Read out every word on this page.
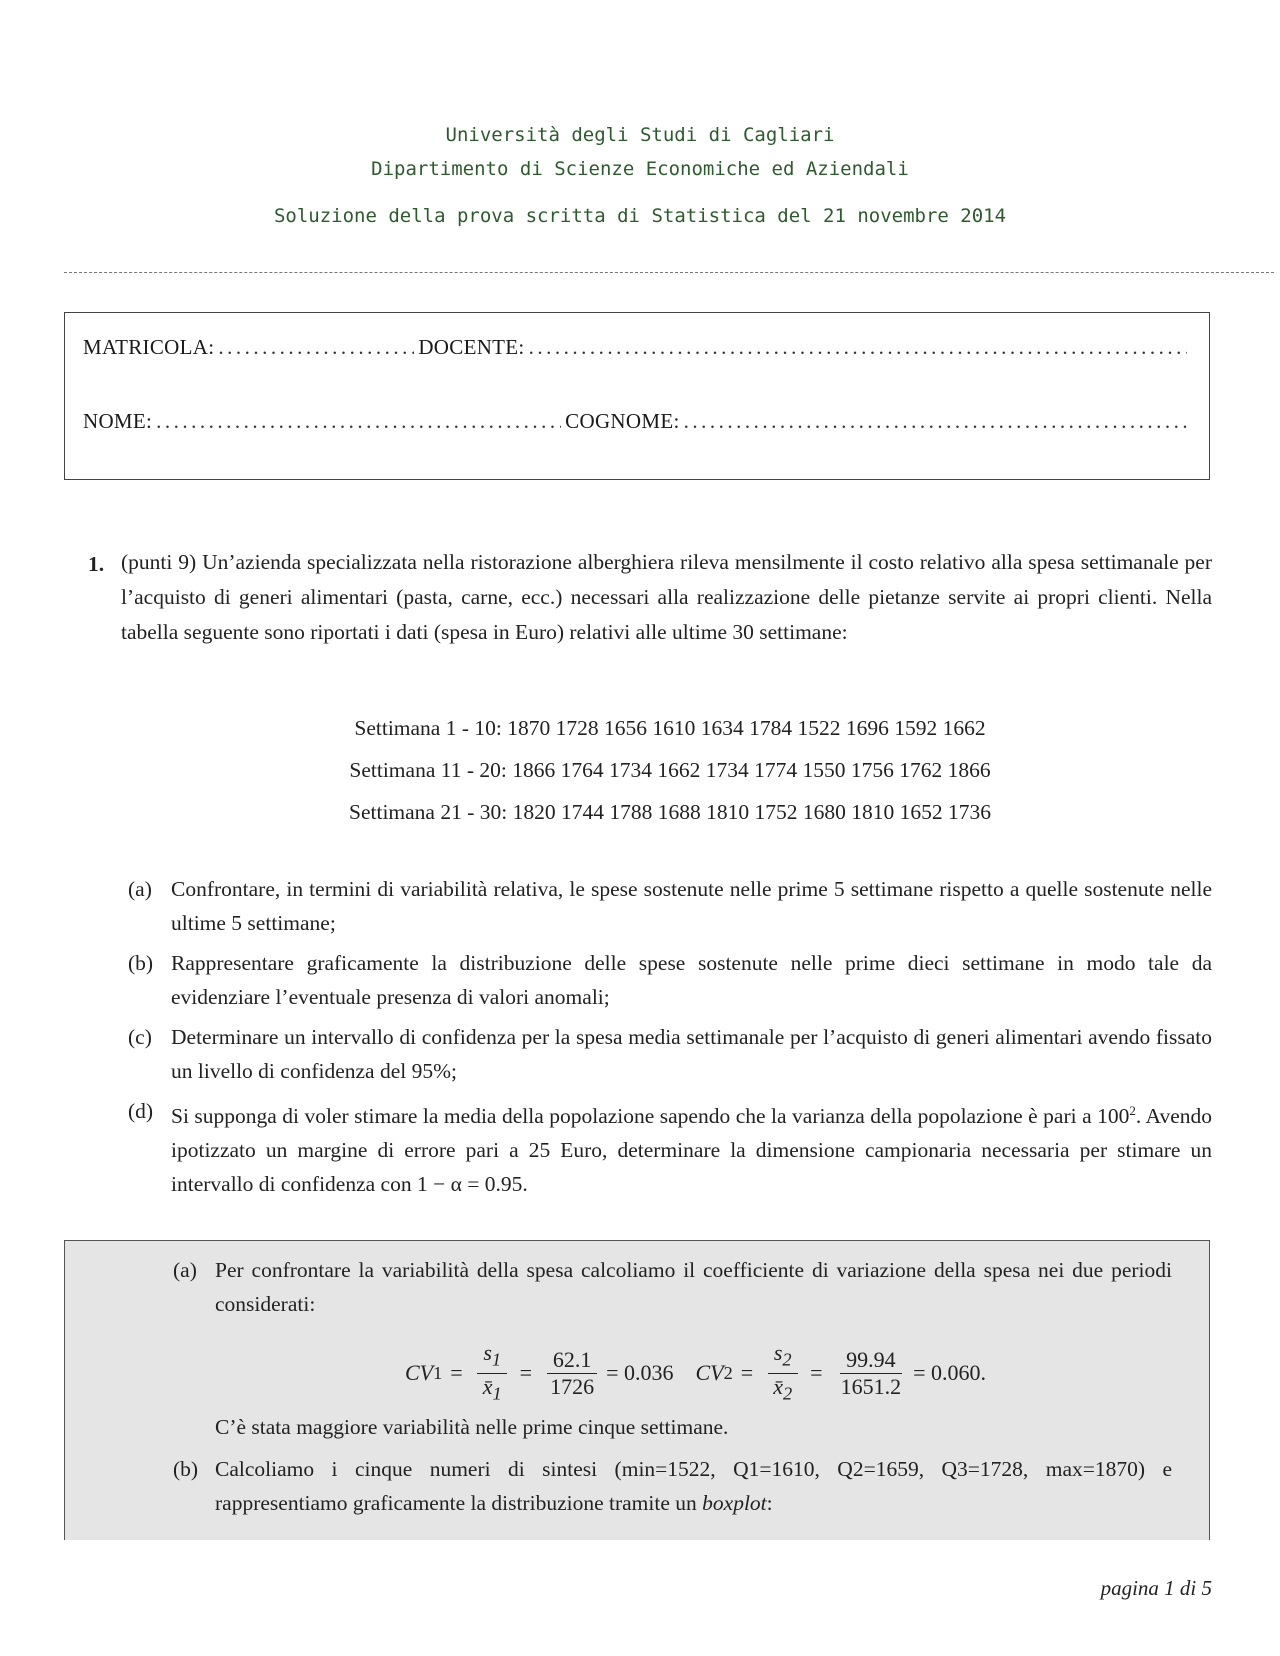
Università degli Studi di Cagliari
Dipartimento di Scienze Economiche ed Aziendali
Soluzione della prova scritta di Statistica del 21 novembre 2014
MATRICOLA: .....	DOCENTE:
.....
NOME: .....	COGNOME:
.....
1. (punti 9) Un’azienda specializzata nella ristorazione alberghiera rileva mensilmente il costo relativo alla spesa settimanale per l’acquisto di generi alimentari (pasta, carne, ecc.) necessari alla realizzazione delle pietanze servite ai propri clienti. Nella tabella seguente sono riportati i dati (spesa in Euro) relativi alle ultime 30 settimane:
Settimana 1 - 10: 1870 1728 1656 1610 1634 1784 1522 1696 1592 1662
Settimana 11 - 20: 1866 1764 1734 1662 1734 1774 1550 1756 1762 1866
Settimana 21 - 30: 1820 1744 1788 1688 1810 1752 1680 1810 1652 1736
(a) Confrontare, in termini di variabilità relativa, le spese sostenute nelle prime 5 settimane rispetto a quelle sostenute nelle ultime 5 settimane;
(b) Rappresentare graficamente la distribuzione delle spese sostenute nelle prime dieci settimane in modo tale da evidenziare l’eventuale presenza di valori anomali;
(c) Determinare un intervallo di confidenza per la spesa media settimanale per l’acquisto di generi alimentari avendo fissato un livello di confidenza del 95%;
(d) Si supponga di voler stimare la media della popolazione sapendo che la varianza della popolazione è pari a $100^2$. Avendo ipotizzato un margine di errore pari a 25 Euro, determinare la dimensione campionaria necessaria per stimare un intervallo di confidenza con 1 − α = 0.95.
(a) Per confrontare la variabilità della spesa calcoliamo il coefficiente di variazione della spesa nei due periodi considerati:
CV $1 = \frac{s_1}{x̄_1} = \frac{62.1}{1726} = 0.036$ CV $2 = \frac{s_2}{x̄_2} = \frac{99.94}{1651.2} = 0.060$.
C’è stata maggiore variabilità nelle prime cinque settimane.
(b) Calcoliamo i cinque numeri di sintesi (min=1522, Q1=1610, Q2=1659, Q3=1728, max=1870) e rappresentiamo graficamente la distribuzione tramite un boxplot:
pagina 1 di 5
